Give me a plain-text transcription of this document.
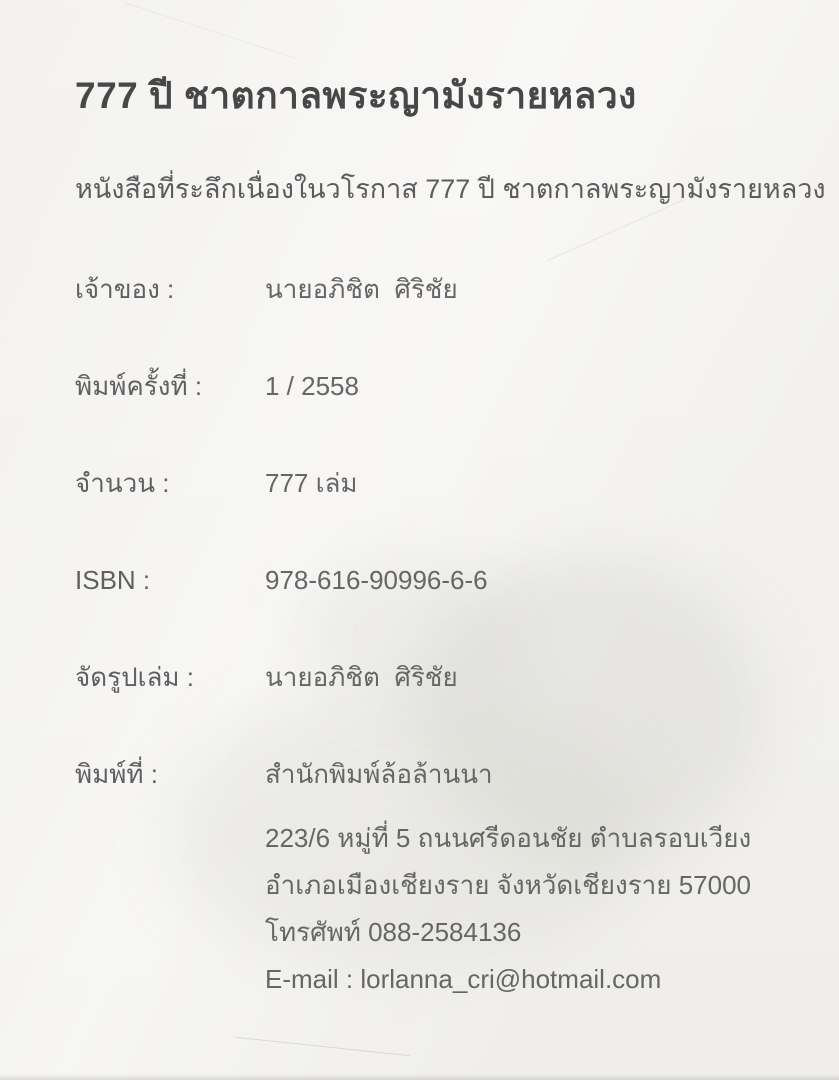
777 ปี ชาตกาลพระญามังรายหลวง

หนังสือที่ระลึกเนื่องในวโรกาส 777 ปี ชาตกาลพระญามังรายหลวง

เจ้าของ :	นายอภิชิต  ศิริชัย
พิมพ์ครั้งที่ :	1 / 2558
จำนวน :	777 เล่ม
ISBN :	978-616-90996-6-6
จัดรูปเล่ม :	นายอภิชิต  ศิริชัย
พิมพ์ที่ :	สำนักพิมพ์ล้อล้านนา
223/6 หมู่ที่ 5 ถนนศรีดอนชัย ตำบลรอบเวียง
อำเภอเมืองเชียงราย จังหวัดเชียงราย 57000
โทรศัพท์ 088-2584136
E-mail : lorlanna_cri@hotmail.com
